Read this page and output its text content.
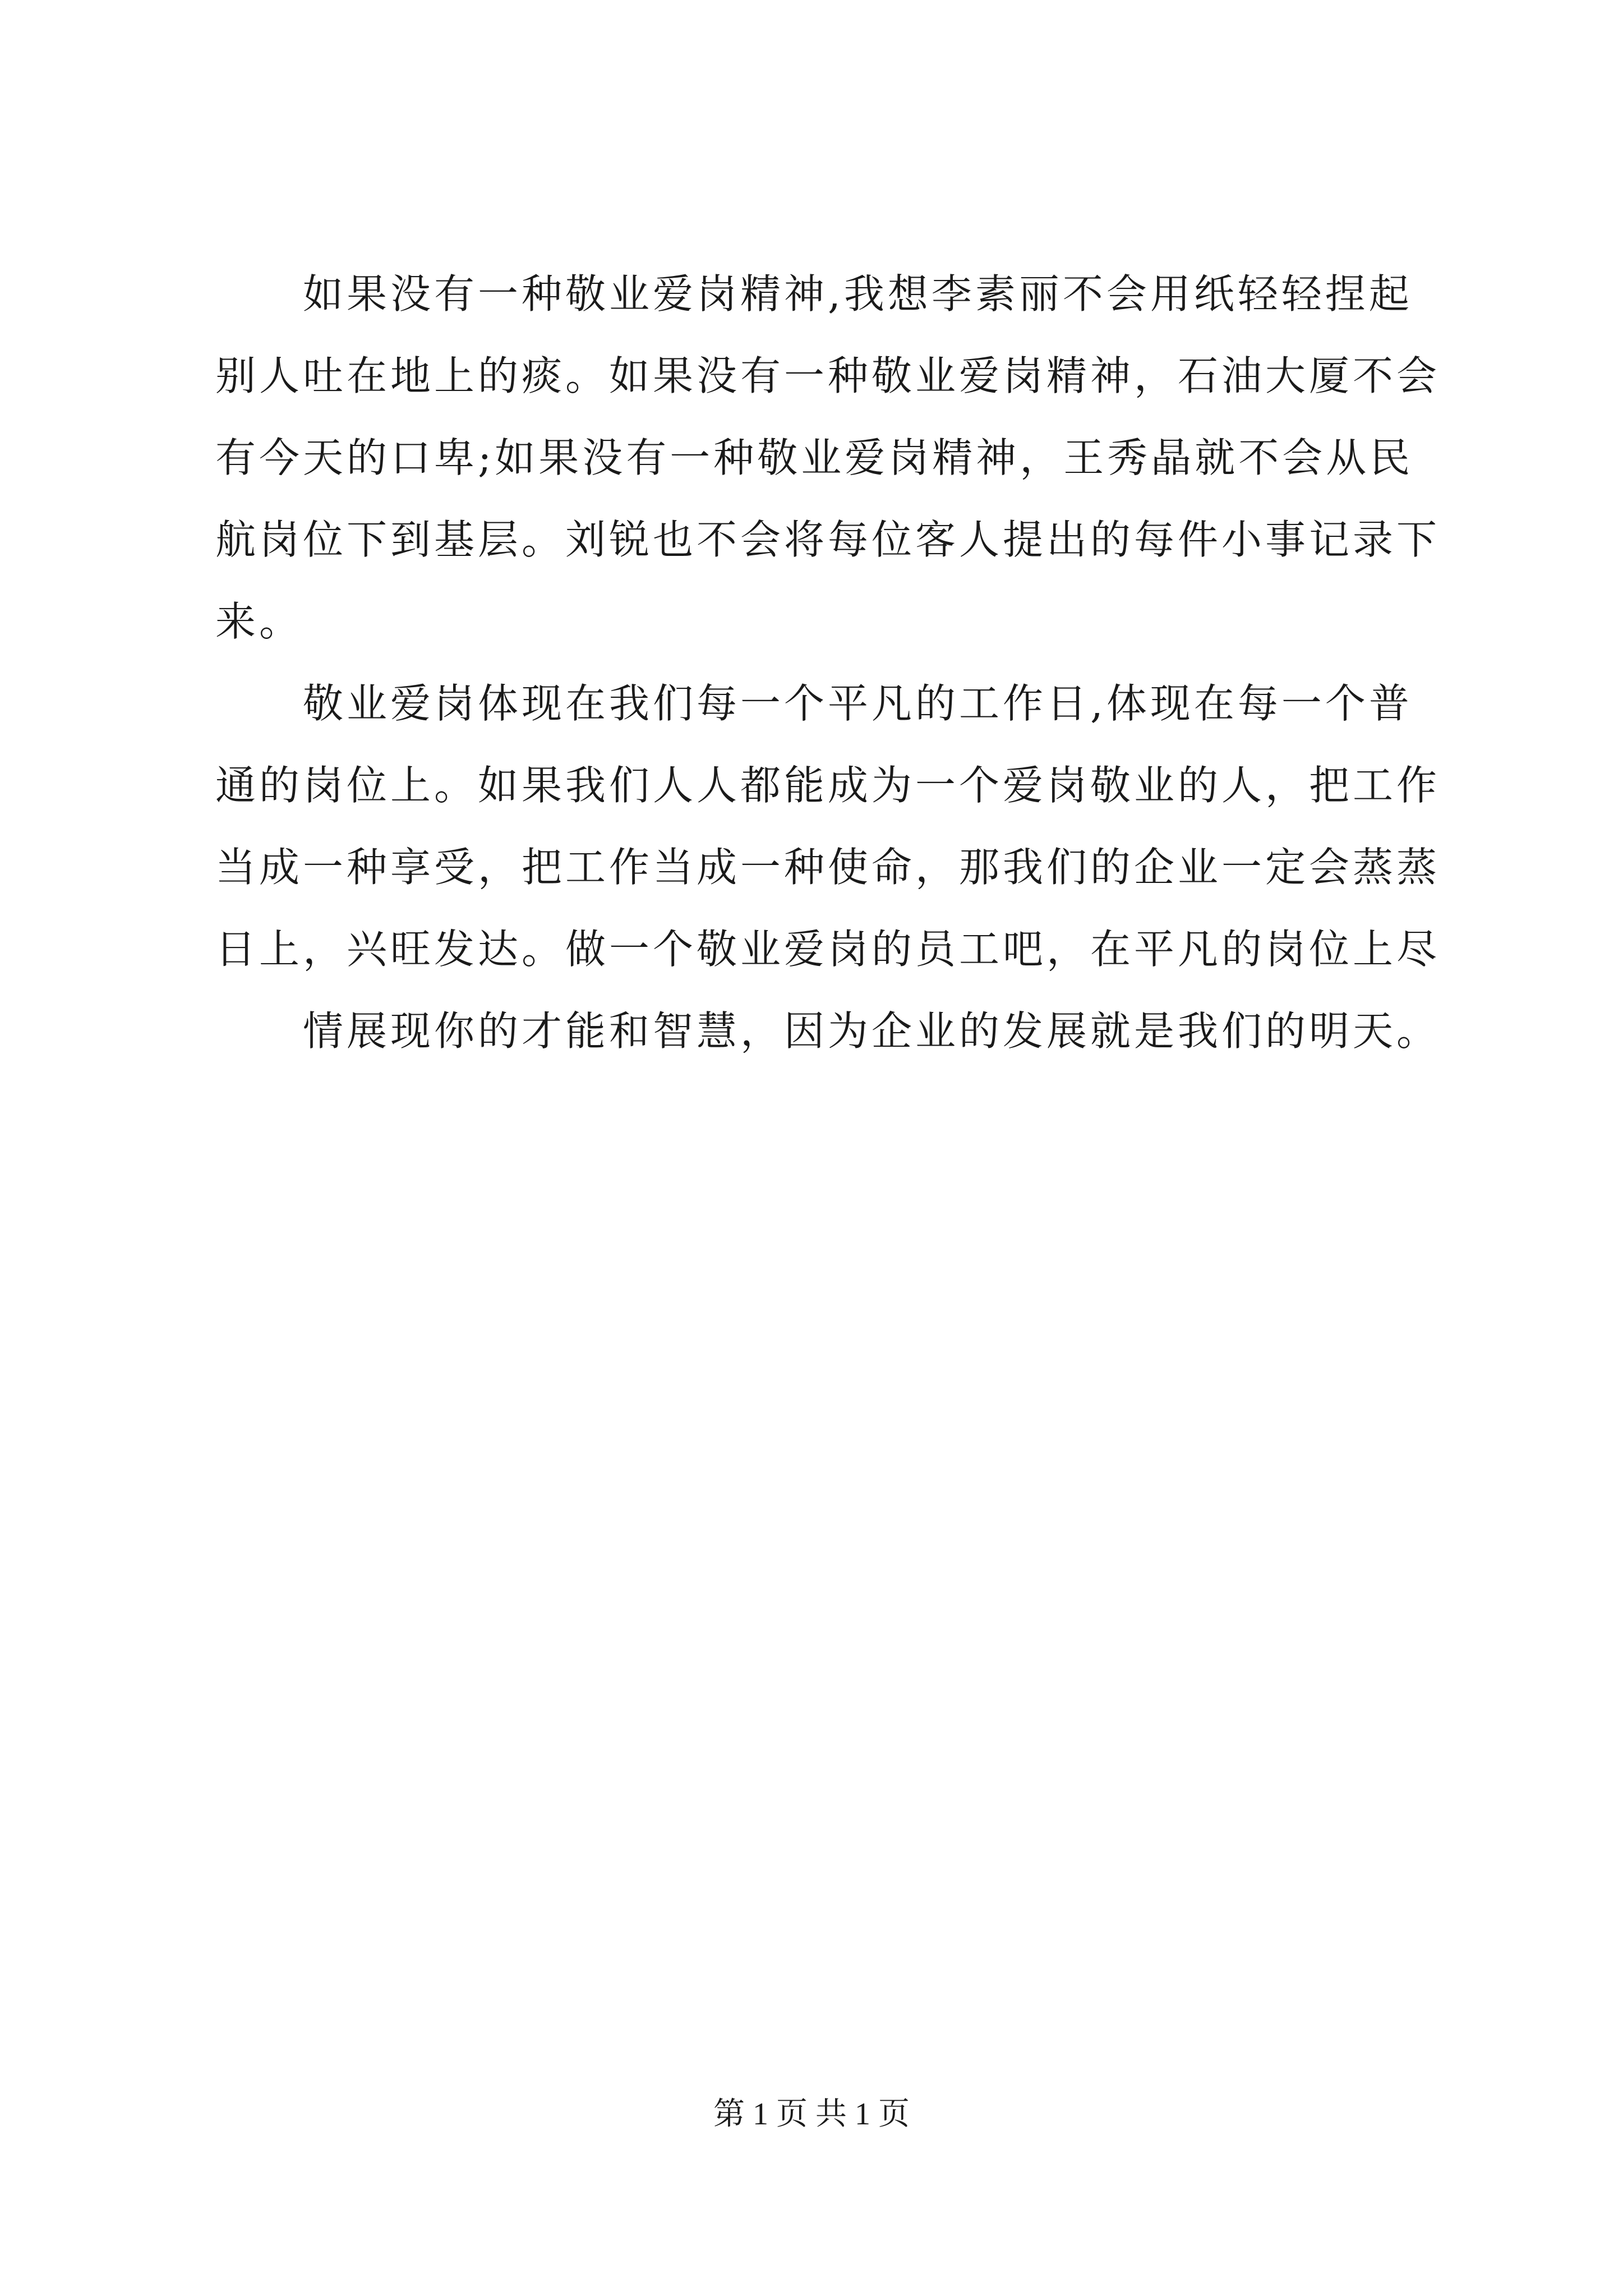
如果没有一种敬业爱岗精神,我想李素丽不会用纸轻轻捏起

别人吐在地上的痰。如果没有一种敬业爱岗精神，石油大厦不会

有今天的口卑;如果没有一种敬业爱岗精神，王秀晶就不会从民

航岗位下到基层。刘锐也不会将每位客人提出的每件小事记录下

来。

敬业爱岗体现在我们每一个平凡的工作日,体现在每一个普

通的岗位上。如果我们人人都能成为一个爱岗敬业的人，把工作

当成一种享受，把工作当成一种使命，那我们的企业一定会蒸蒸

日上，兴旺发达。做一个敬业爱岗的员工吧，在平凡的岗位上尽

情展现你的才能和智慧，因为企业的发展就是我们的明天。

第 1 页 共 1 页
